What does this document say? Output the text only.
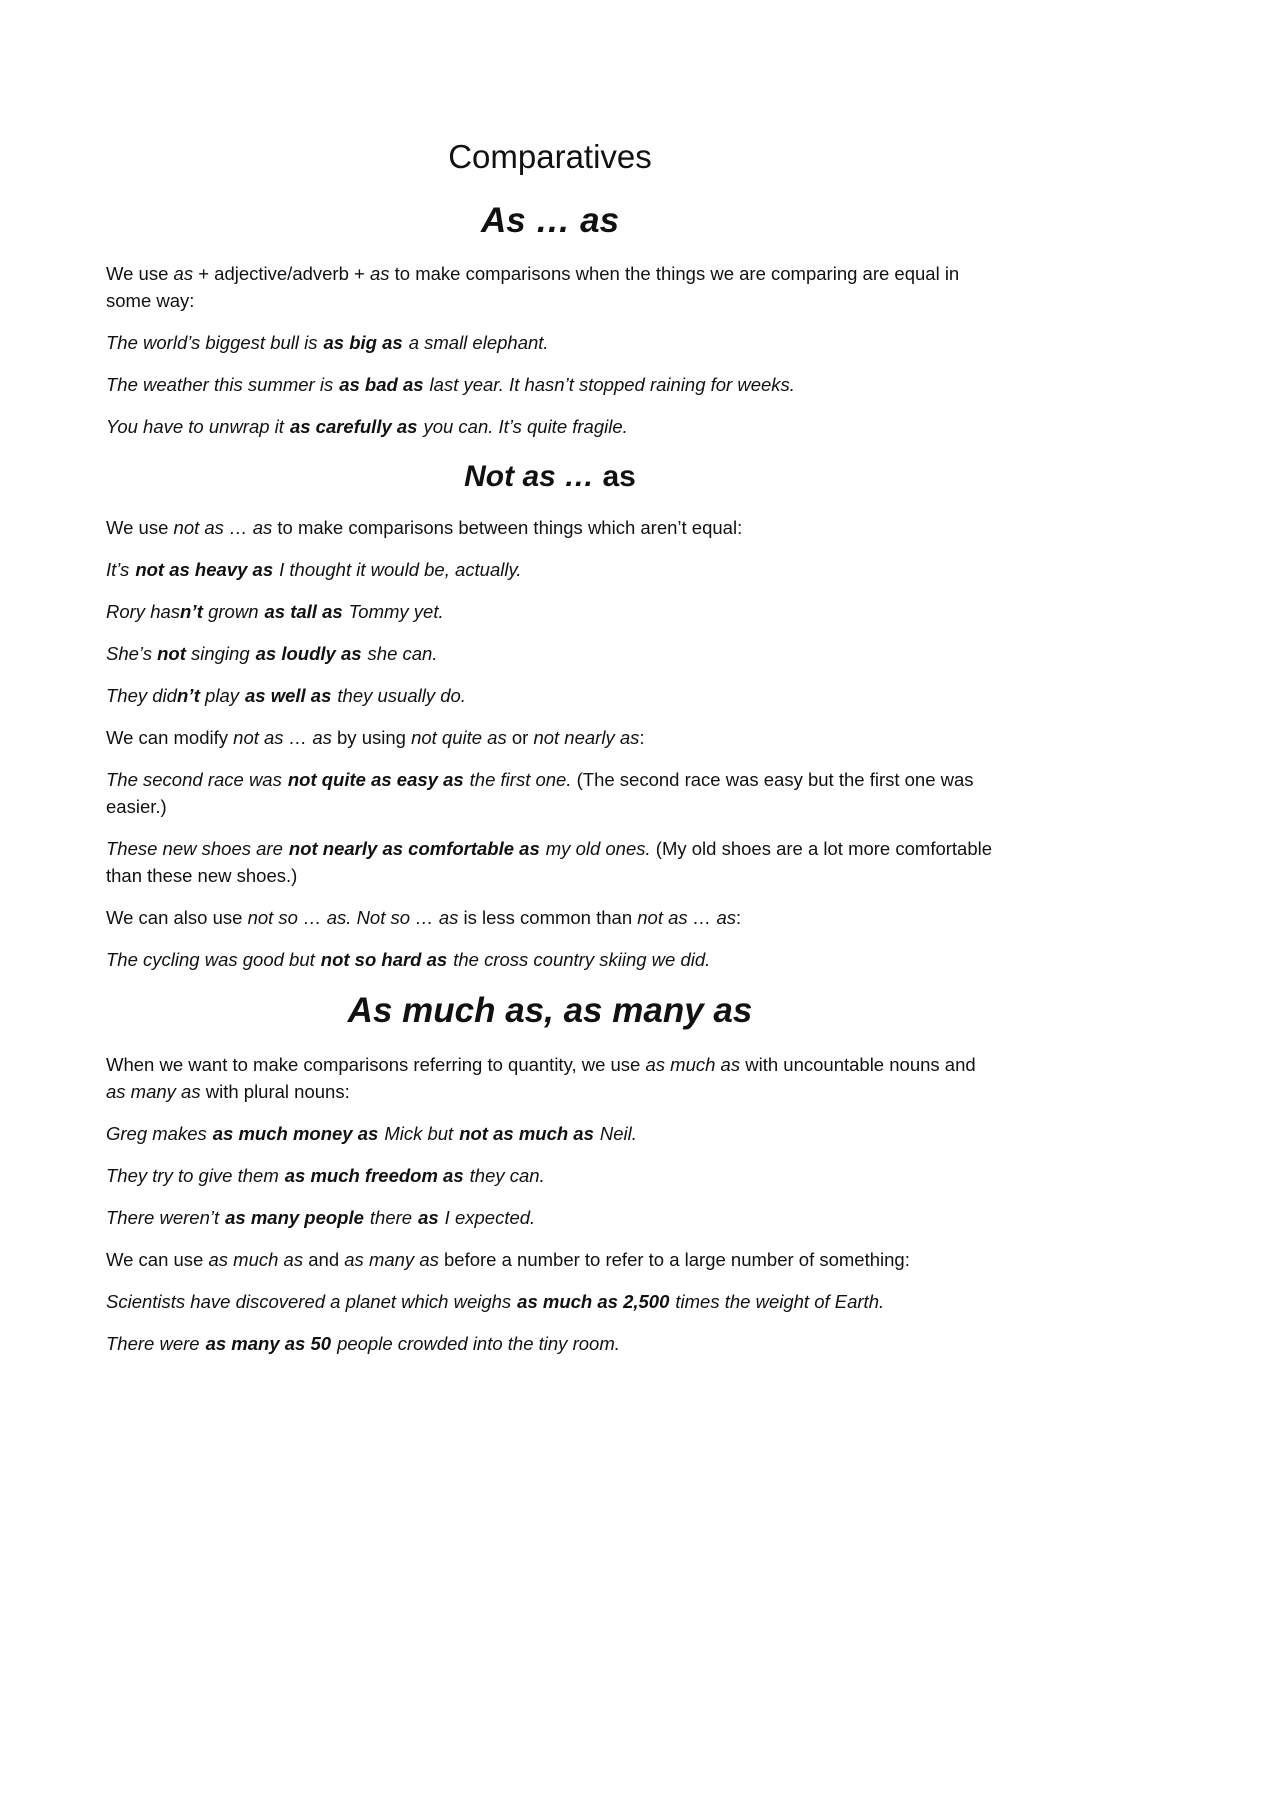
Comparatives
As … as

We use as + adjective/adverb + as to make comparisons when the things we are comparing are equal in some way:

The world’s biggest bull is as big as a small elephant.

The weather this summer is as bad as last year. It hasn’t stopped raining for weeks.

You have to unwrap it as carefully as you can. It’s quite fragile.

Not as … as

We use not as … as to make comparisons between things which aren’t equal:

It’s not as heavy as I thought it would be, actually.

Rory hasn’t grown as tall as Tommy yet.

She’s not singing as loudly as she can.

They didn’t play as well as they usually do.

We can modify not as … as by using not quite as or not nearly as:

The second race was not quite as easy as the first one. (The second race was easy but the first one was easier.)

These new shoes are not nearly as comfortable as my old ones. (My old shoes are a lot more comfortable than these new shoes.)

We can also use not so … as. Not so … as is less common than not as … as:

The cycling was good but not so hard as the cross country skiing we did.

As much as, as many as

When we want to make comparisons referring to quantity, we use as much as with uncountable nouns and as many as with plural nouns:

Greg makes as much money as Mick but not as much as Neil.

They try to give them as much freedom as they can.

There weren’t as many people there as I expected.

We can use as much as and as many as before a number to refer to a large number of something:

Scientists have discovered a planet which weighs as much as 2,500 times the weight of Earth.

There were as many as 50 people crowded into the tiny room.
